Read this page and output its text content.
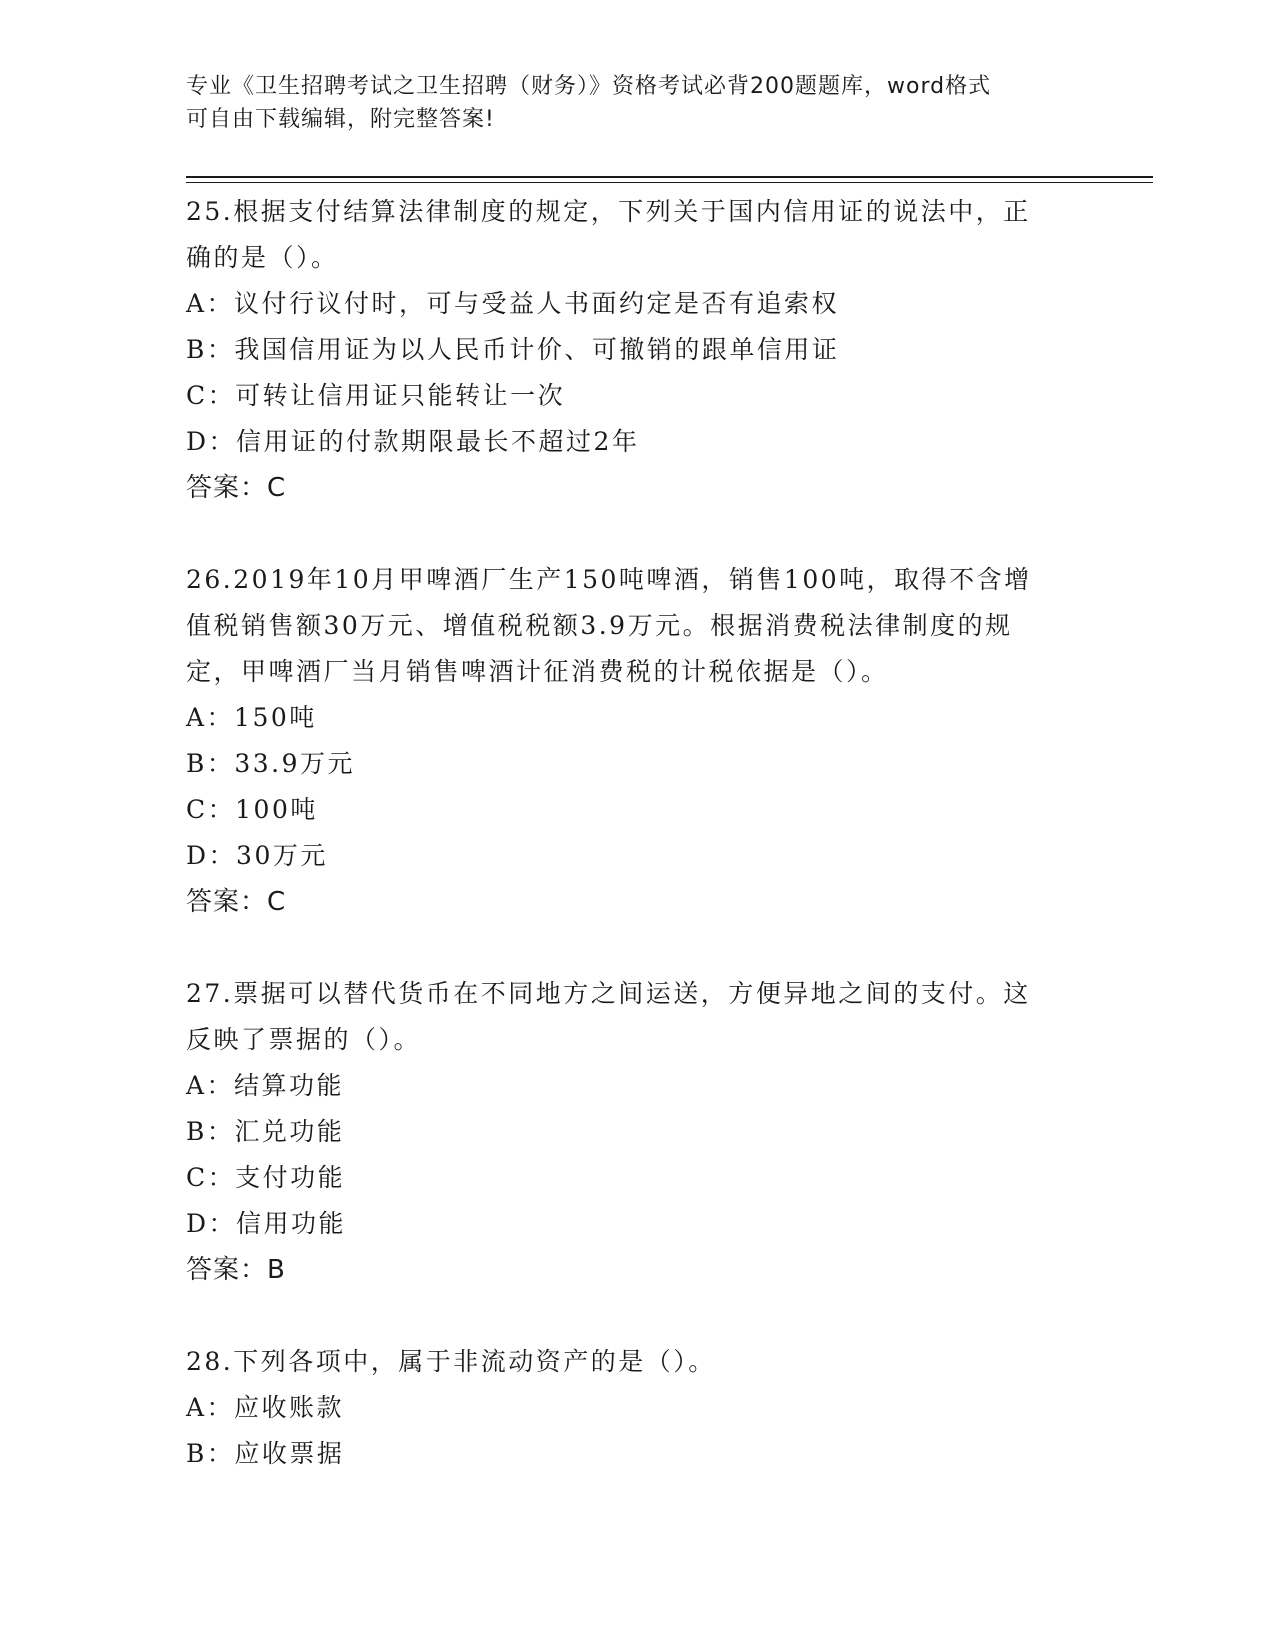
专业《卫生招聘考试之卫生招聘（财务）》资格考试必背200题题库，word格式
可自由下载编辑，附完整答案!
25.根据支付结算法律制度的规定，下列关于国内信用证的说法中，正
确的是（）。
A：议付行议付时，可与受益人书面约定是否有追索权
B：我国信用证为以人民币计价、可撤销的跟单信用证
C：可转让信用证只能转让一次
D：信用证的付款期限最长不超过2年
答案：C
26.2019年10月甲啤酒厂生产150吨啤酒，销售100吨，取得不含增
值税销售额30万元、增值税税额3.9万元。根据消费税法律制度的规
定，甲啤酒厂当月销售啤酒计征消费税的计税依据是（）。
A：150吨
B：33.9万元
C：100吨
D：30万元
答案：C
27.票据可以替代货币在不同地方之间运送，方便异地之间的支付。这
反映了票据的（）。
A：结算功能
B：汇兑功能
C：支付功能
D：信用功能
答案：B
28.下列各项中，属于非流动资产的是（）。
A：应收账款
B：应收票据
